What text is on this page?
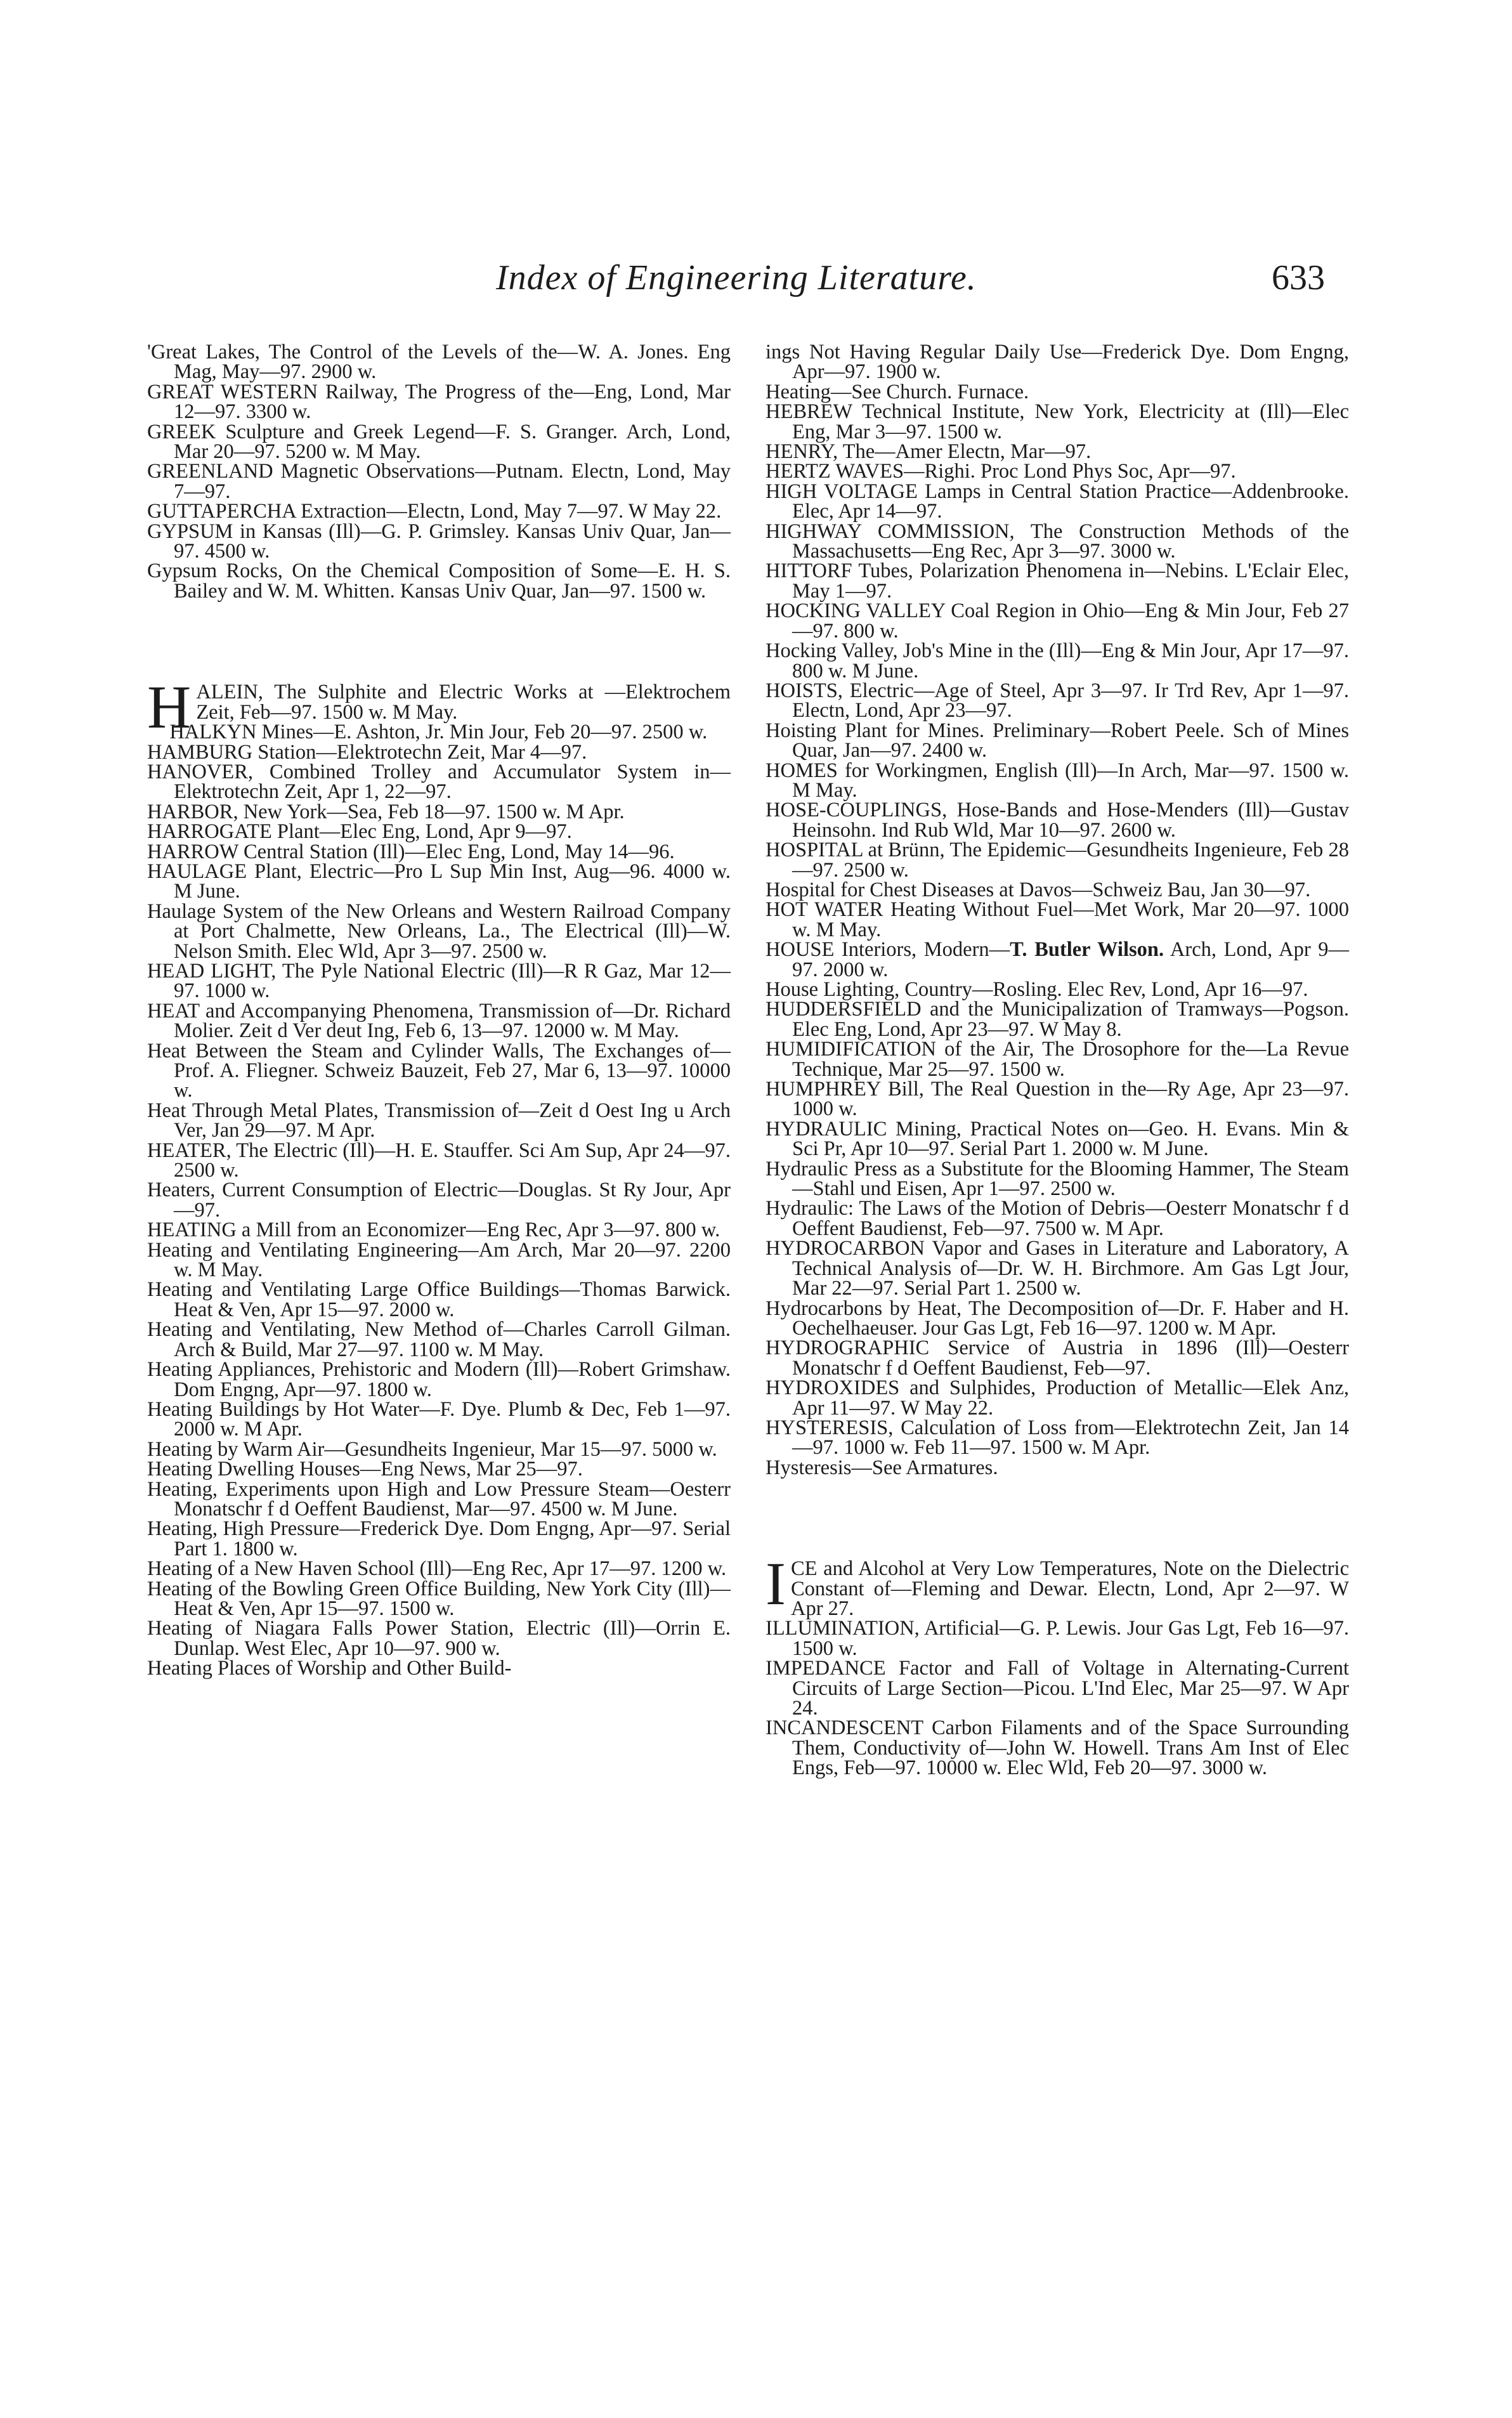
Index of Engineering Literature.	633

'Great Lakes, The Control of the Levels of the—W. A. Jones. Eng Mag, May—97. 2900 w.

GREAT WESTERN Railway, The Progress of the—Eng, Lond, Mar 12—97. 3300 w.

GREEK Sculpture and Greek Legend—F. S. Granger. Arch, Lond, Mar 20—97. 5200 w. M May.

GREENLAND Magnetic Observations—Putnam. Electn, Lond, May 7—97.

GUTTAPERCHA Extraction—Electn, Lond, May 7—97. W May 22.

GYPSUM in Kansas (Ill)—G. P. Grimsley. Kansas Univ Quar, Jan—97. 4500 w.

Gypsum Rocks, On the Chemical Composition of Some—E. H. S. Bailey and W. M. Whitten. Kansas Univ Quar, Jan—97. 1500 w.

HALEIN, The Sulphite and Electric Works at —Elektrochem Zeit, Feb—97. 1500 w. M May.

HALKYN Mines—E. Ashton, Jr. Min Jour, Feb 20—97. 2500 w.

HAMBURG Station—Elektrotechn Zeit, Mar 4—97.

HANOVER, Combined Trolley and Accumulator System in—Elektrotechn Zeit, Apr 1, 22—97.

HARBOR, New York—Sea, Feb 18—97. 1500 w. M Apr.

HARROGATE Plant—Elec Eng, Lond, Apr 9—97.

HARROW Central Station (Ill)—Elec Eng, Lond, May 14—96.

HAULAGE Plant, Electric—Pro L Sup Min Inst, Aug—96. 4000 w. M June.

Haulage System of the New Orleans and Western Railroad Company at Port Chalmette, New Orleans, La., The Electrical (Ill)—W. Nelson Smith. Elec Wld, Apr 3—97. 2500 w.

HEAD LIGHT, The Pyle National Electric (Ill)—R R Gaz, Mar 12—97. 1000 w.

HEAT and Accompanying Phenomena, Transmission of—Dr. Richard Molier. Zeit d Ver deut Ing, Feb 6, 13—97. 12000 w. M May.

Heat Between the Steam and Cylinder Walls, The Exchanges of—Prof. A. Fliegner. Schweiz Bauzeit, Feb 27, Mar 6, 13—97. 10000 w.

Heat Through Metal Plates, Transmission of—Zeit d Oest Ing u Arch Ver, Jan 29—97. M Apr.

HEATER, The Electric (Ill)—H. E. Stauffer. Sci Am Sup, Apr 24—97. 2500 w.

Heaters, Current Consumption of Electric—Douglas. St Ry Jour, Apr—97.

HEATING a Mill from an Economizer—Eng Rec, Apr 3—97. 800 w.

Heating and Ventilating Engineering—Am Arch, Mar 20—97. 2200 w. M May.

Heating and Ventilating Large Office Buildings—Thomas Barwick. Heat & Ven, Apr 15—97. 2000 w.

Heating and Ventilating, New Method of—Charles Carroll Gilman. Arch & Build, Mar 27—97. 1100 w. M May.

Heating Appliances, Prehistoric and Modern (Ill)—Robert Grimshaw. Dom Engng, Apr—97. 1800 w.

Heating Buildings by Hot Water—F. Dye. Plumb & Dec, Feb 1—97. 2000 w. M Apr.

Heating by Warm Air—Gesundheits Ingenieur, Mar 15—97. 5000 w.

Heating Dwelling Houses—Eng News, Mar 25—97.

Heating, Experiments upon High and Low Pressure Steam—Oesterr Monatschr f d Oeffent Baudienst, Mar—97. 4500 w. M June.

Heating, High Pressure—Frederick Dye. Dom Engng, Apr—97. Serial Part 1. 1800 w.

Heating of a New Haven School (Ill)—Eng Rec, Apr 17—97. 1200 w.

Heating of the Bowling Green Office Building, New York City (Ill)—Heat & Ven, Apr 15—97. 1500 w.

Heating of Niagara Falls Power Station, Electric (Ill)—Orrin E. Dunlap. West Elec, Apr 10—97. 900 w.

Heating Places of Worship and Other Build-

ings Not Having Regular Daily Use—Frederick Dye. Dom Engng, Apr—97. 1900 w.

Heating—See Church. Furnace.

HEBREW Technical Institute, New York, Electricity at (Ill)—Elec Eng, Mar 3—97. 1500 w.

HENRY, The—Amer Electn, Mar—97.

HERTZ WAVES—Righi. Proc Lond Phys Soc, Apr—97.

HIGH VOLTAGE Lamps in Central Station Practice—Addenbrooke. Elec, Apr 14—97.

HIGHWAY COMMISSION, The Construction Methods of the Massachusetts—Eng Rec, Apr 3—97. 3000 w.

HITTORF Tubes, Polarization Phenomena in—Nebins. L'Eclair Elec, May 1—97.

HOCKING VALLEY Coal Region in Ohio—Eng & Min Jour, Feb 27—97. 800 w.

Hocking Valley, Job's Mine in the (Ill)—Eng & Min Jour, Apr 17—97. 800 w. M June.

HOISTS, Electric—Age of Steel, Apr 3—97. Ir Trd Rev, Apr 1—97. Electn, Lond, Apr 23—97.

Hoisting Plant for Mines. Preliminary—Robert Peele. Sch of Mines Quar, Jan—97. 2400 w.

HOMES for Workingmen, English (Ill)—In Arch, Mar—97. 1500 w. M May.

HOSE-COUPLINGS, Hose-Bands and Hose-Menders (Ill)—Gustav Heinsohn. Ind Rub Wld, Mar 10—97. 2600 w.

HOSPITAL at Brünn, The Epidemic—Gesundheits Ingenieure, Feb 28—97. 2500 w.

Hospital for Chest Diseases at Davos—Schweiz Bau, Jan 30—97.

HOT WATER Heating Without Fuel—Met Work, Mar 20—97. 1000 w. M May.

HOUSE Interiors, Modern—T. Butler Wilson. Arch, Lond, Apr 9—97. 2000 w.

House Lighting, Country—Rosling. Elec Rev, Lond, Apr 16—97.

HUDDERSFIELD and the Municipalization of Tramways—Pogson. Elec Eng, Lond, Apr 23—97. W May 8.

HUMIDIFICATION of the Air, The Drosophore for the—La Revue Technique, Mar 25—97. 1500 w.

HUMPHREY Bill, The Real Question in the—Ry Age, Apr 23—97. 1000 w.

HYDRAULIC Mining, Practical Notes on—Geo. H. Evans. Min & Sci Pr, Apr 10—97. Serial Part 1. 2000 w. M June.

Hydraulic Press as a Substitute for the Blooming Hammer, The Steam—Stahl und Eisen, Apr 1—97. 2500 w.

Hydraulic: The Laws of the Motion of Debris—Oesterr Monatschr f d Oeffent Baudienst, Feb—97. 7500 w. M Apr.

HYDROCARBON Vapor and Gases in Literature and Laboratory, A Technical Analysis of—Dr. W. H. Birchmore. Am Gas Lgt Jour, Mar 22—97. Serial Part 1. 2500 w.

Hydrocarbons by Heat, The Decomposition of—Dr. F. Haber and H. Oechelhaeuser. Jour Gas Lgt, Feb 16—97. 1200 w. M Apr.

HYDROGRAPHIC Service of Austria in 1896 (Ill)—Oesterr Monatschr f d Oeffent Baudienst, Feb—97.

HYDROXIDES and Sulphides, Production of Metallic—Elek Anz, Apr 11—97. W May 22.

HYSTERESIS, Calculation of Loss from—Elektrotechn Zeit, Jan 14—97. 1000 w. Feb 11—97. 1500 w. M Apr.

Hysteresis—See Armatures.

ICE and Alcohol at Very Low Temperatures, Note on the Dielectric Constant of—Fleming and Dewar. Electn, Lond, Apr 2—97. W Apr 27.

ILLUMINATION, Artificial—G. P. Lewis. Jour Gas Lgt, Feb 16—97. 1500 w.

IMPEDANCE Factor and Fall of Voltage in Alternating-Current Circuits of Large Section—Picou. L'Ind Elec, Mar 25—97. W Apr 24.

INCANDESCENT Carbon Filaments and of the Space Surrounding Them, Conductivity of—John W. Howell. Trans Am Inst of Elec Engs, Feb—97. 10000 w. Elec Wld, Feb 20—97. 3000 w.
